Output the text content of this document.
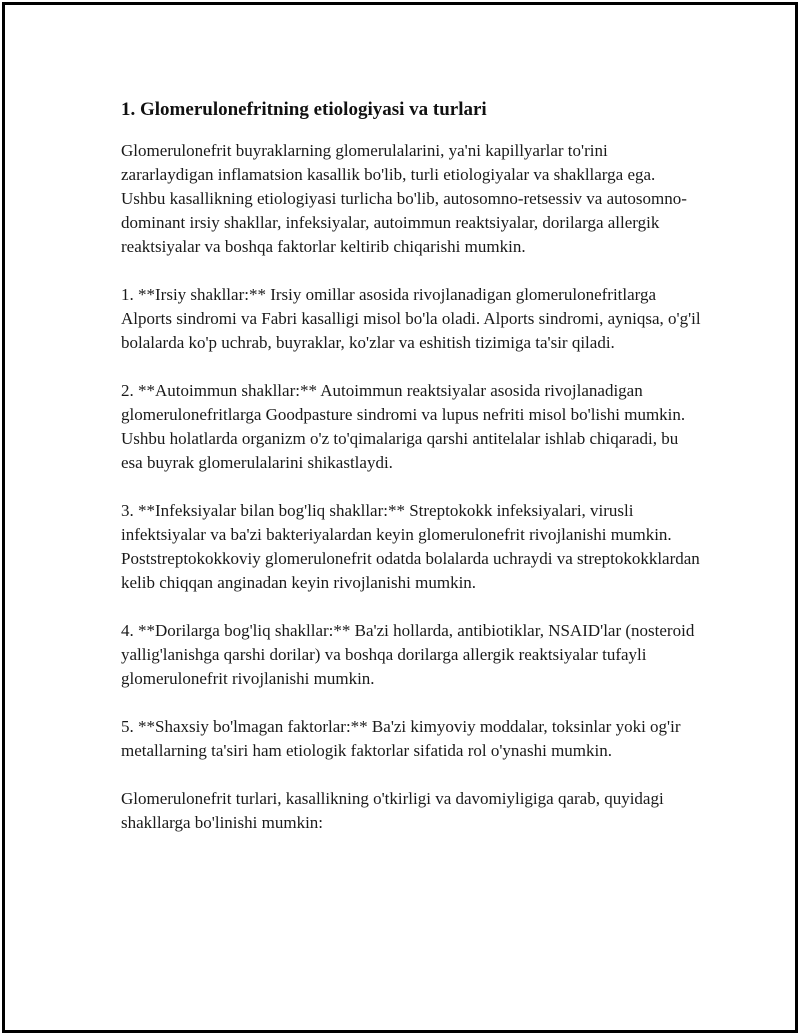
1. Glomerulonefritning etiologiyasi va turlari

Glomerulonefrit buyraklarning glomerulalarini, ya'ni kapillyarlar to'rini zararlaydigan inflamatsion kasallik bo'lib, turli etiologiyalar va shakllarga ega. Ushbu kasallikning etiologiyasi turlicha bo'lib, autosomno-retsessiv va autosomno-dominant irsiy shakllar, infeksiyalar, autoimmun reaktsiyalar, dorilarga allergik reaktsiyalar va boshqa faktorlar keltirib chiqarishi mumkin.

1. **Irsiy shakllar:** Irsiy omillar asosida rivojlanadigan glomerulonefritlarga Alports sindromi va Fabri kasalligi misol bo'la oladi. Alports sindromi, ayniqsa, o'g'il bolalarda ko'p uchrab, buyraklar, ko'zlar va eshitish tizimiga ta'sir qiladi.

2. **Autoimmun shakllar:** Autoimmun reaktsiyalar asosida rivojlanadigan glomerulonefritlarga Goodpasture sindromi va lupus nefriti misol bo'lishi mumkin. Ushbu holatlarda organizm o'z to'qimalariga qarshi antitelalar ishlab chiqaradi, bu esa buyrak glomerulalarini shikastlaydi.

3. **Infeksiyalar bilan bog'liq shakllar:** Streptokokk infeksiyalari, virusli infektsiyalar va ba'zi bakteriyalardan keyin glomerulonefrit rivojlanishi mumkin. Poststreptokokkoviy glomerulonefrit odatda bolalarda uchraydi va streptokokklardan kelib chiqqan anginadan keyin rivojlanishi mumkin.

4. **Dorilarga bog'liq shakllar:** Ba'zi hollarda, antibiotiklar, NSAID'lar (nosteroid yallig'lanishga qarshi dorilar) va boshqa dorilarga allergik reaktsiyalar tufayli glomerulonefrit rivojlanishi mumkin.

5. **Shaxsiy bo'lmagan faktorlar:** Ba'zi kimyoviy moddalar, toksinlar yoki og'ir metallarning ta'siri ham etiologik faktorlar sifatida rol o'ynashi mumkin.

Glomerulonefrit turlari, kasallikning o'tkirligi va davomiyligiga qarab, quyidagi shakllarga bo'linishi mumkin:
